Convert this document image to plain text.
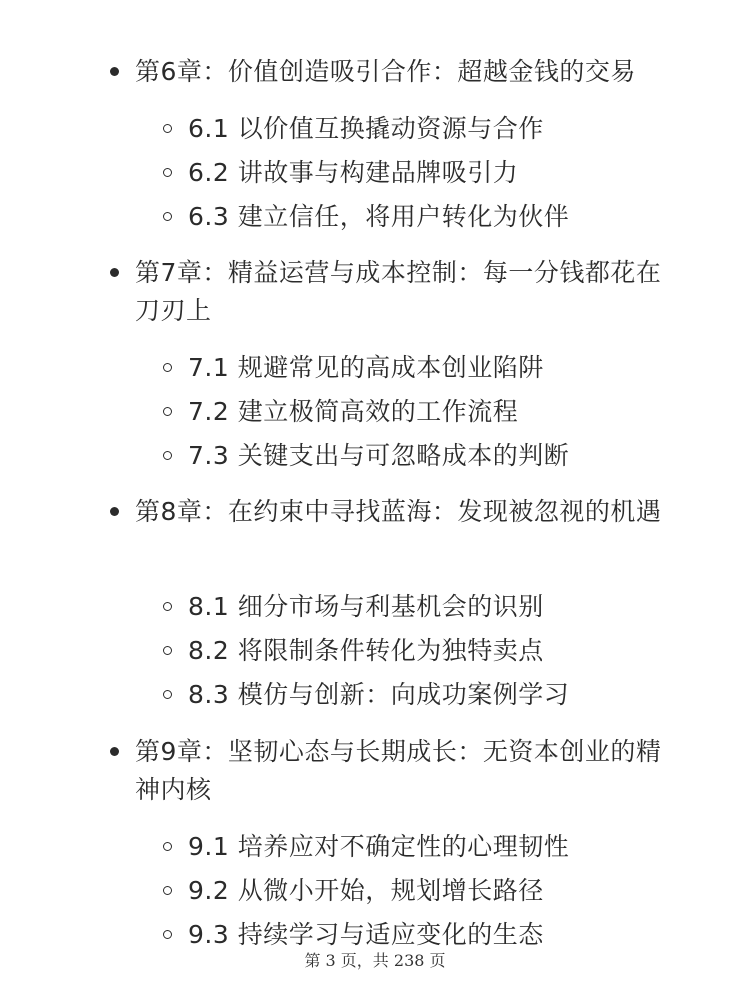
第6章：价值创造吸引合作：超越金钱的交易
6.1 以价值互换撬动资源与合作
6.2 讲故事与构建品牌吸引力
6.3 建立信任，将用户转化为伙伴
第7章：精益运营与成本控制：每一分钱都花在刀刃上
7.1 规避常见的高成本创业陷阱
7.2 建立极简高效的工作流程
7.3 关键支出与可忽略成本的判断
第8章：在约束中寻找蓝海：发现被忽视的机遇
8.1 细分市场与利基机会的识别
8.2 将限制条件转化为独特卖点
8.3 模仿与创新：向成功案例学习
第9章：坚韧心态与长期成长：无资本创业的精神内核
9.1 培养应对不确定性的心理韧性
9.2 从微小开始，规划增长路径
9.3 持续学习与适应变化的生态
第 3 页，共 238 页
